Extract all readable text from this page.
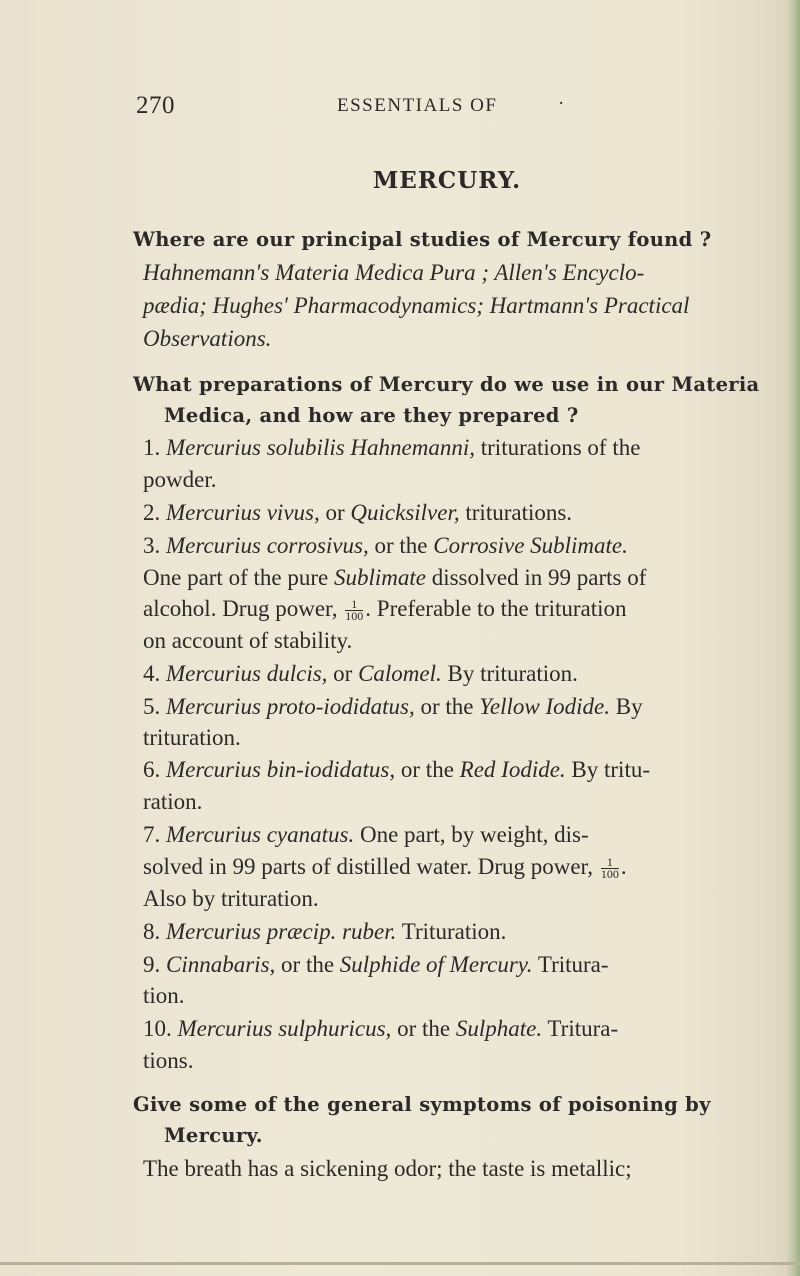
270	ESSENTIALS OF	·
MERCURY.
Where are our principal studies of Mercury found ?
Hahnemann's Materia Medica Pura ; Allen's Encyclo-
pædia; Hughes' Pharmacodynamics; Hartmann's Practical
Observations.
What preparations of Mercury do we use in our Materia
Medica, and how are they prepared ?
1. Mercurius solubilis Hahnemanni, triturations of the
powder.
2. Mercurius vivus, or Quicksilver, triturations.
3. Mercurius corrosivus, or the Corrosive Sublimate.
One part of the pure Sublimate dissolved in 99 parts of
alcohol. Drug power, $\frac{1}{100}$ . Preferable to the trituration
on account of stability.
4. Mercurius dulcis, or Calomel. By trituration.
5. Mercurius proto-iodidatus, or the Yellow Iodide. By
trituration.
6. Mercurius bin-iodidatus, or the Red Iodide. By tritu-
ration.
7. Mercurius cyanatus. One part, by weight, dis-
solved in 99 parts of distilled water. Drug power, $\frac{1}{100}$ .
Also by trituration.
8. Mercurius præcip. ruber. Trituration.
9. Cinnabaris, or the Sulphide of Mercury. Tritura-
tion.
10. Mercurius sulphuricus, or the Sulphate. Tritura-
tions.
Give some of the general symptoms of poisoning by
Mercury.
The breath has a sickening odor; the taste is metallic;
